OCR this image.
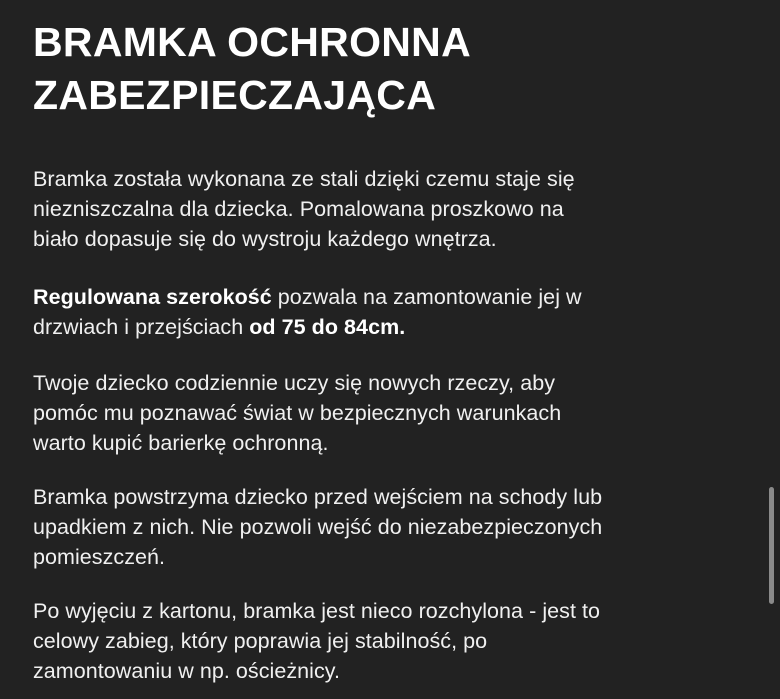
BRAMKA OCHRONNA
ZABEZPIECZAJĄCA

Bramka została wykonana ze stali dzięki czemu staje się
niezniszczalna dla dziecka. Pomalowana proszkowo na
biało dopasuje się do wystroju każdego wnętrza.

Regulowana szerokość pozwala na zamontowanie jej w
drzwiach i przejściach od 75 do 84cm.

Twoje dziecko codziennie uczy się nowych rzeczy, aby
pomóc mu poznawać świat w bezpiecznych warunkach
warto kupić barierkę ochronną.

Bramka powstrzyma dziecko przed wejściem na schody lub
upadkiem z nich. Nie pozwoli wejść do niezabezpieczonych
pomieszczeń.

Po wyjęciu z kartonu, bramka jest nieco rozchylona - jest to
celowy zabieg, który poprawia jej stabilność, po
zamontowaniu w np. ościeżnicy.
